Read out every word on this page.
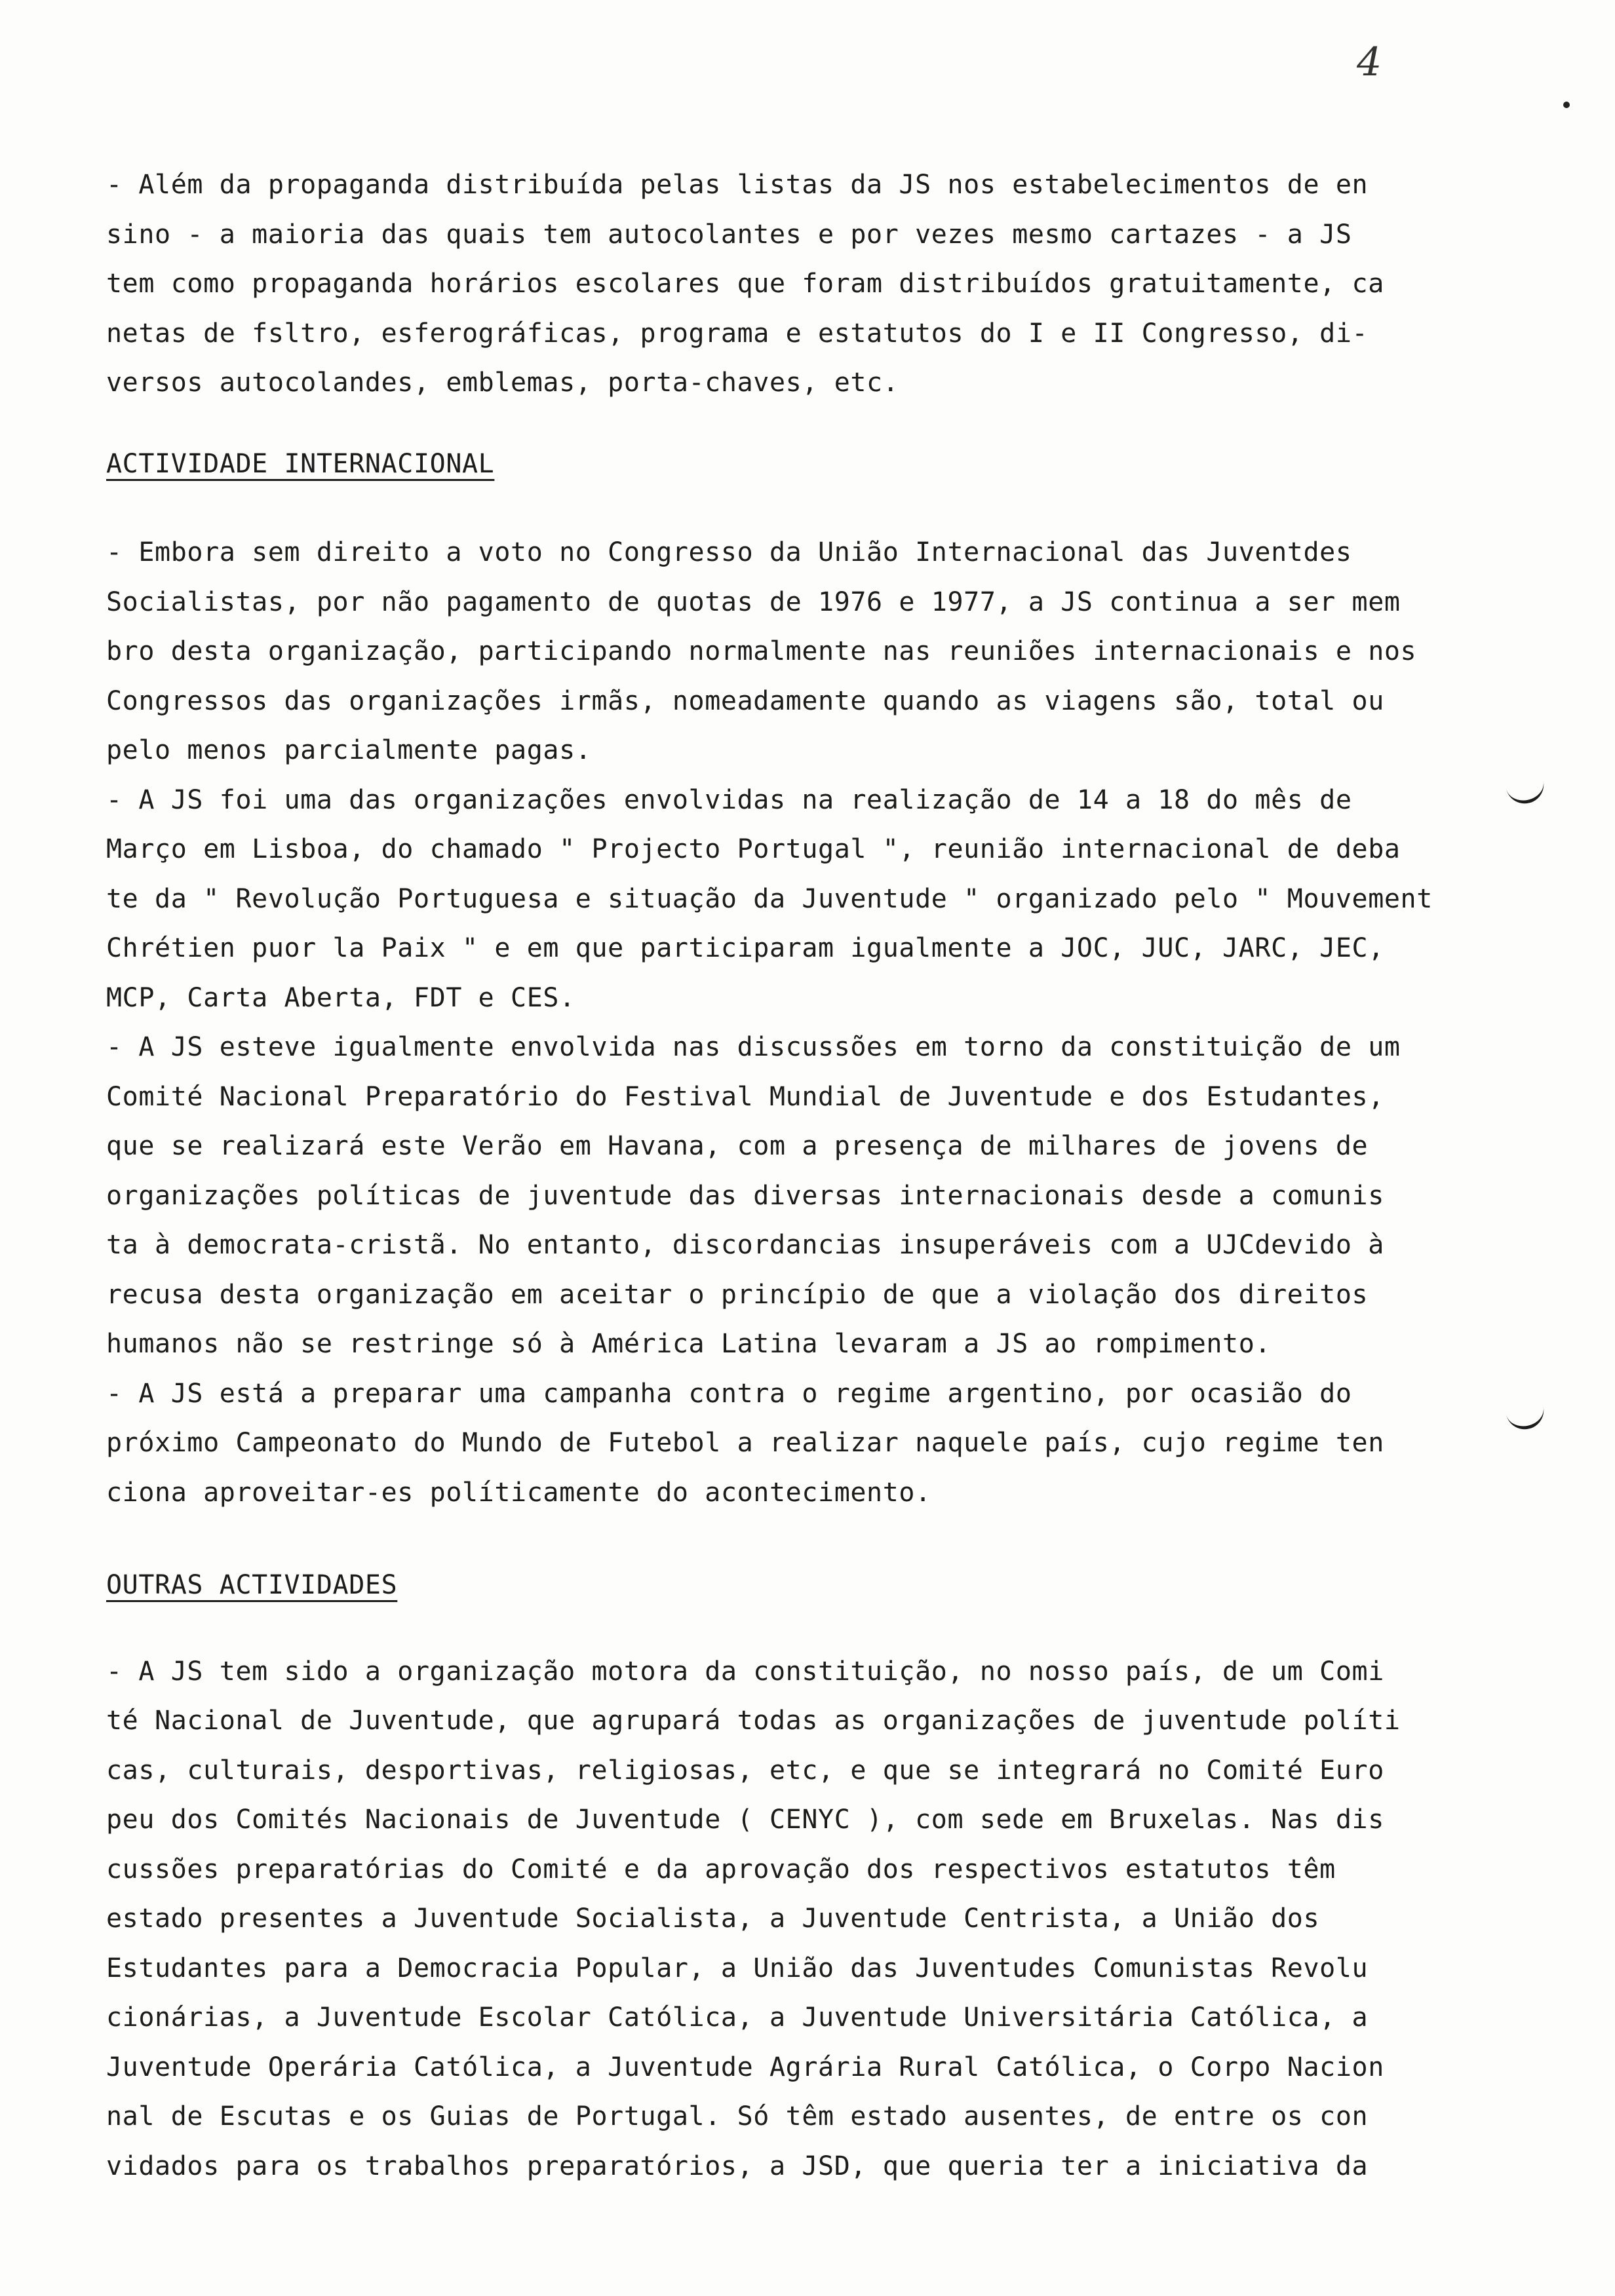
4
- Além da propaganda distribuída pelas listas da JS nos estabelecimentos de en
sino - a maioria das quais tem autocolantes e por vezes mesmo cartazes - a JS
tem como propaganda horários escolares que foram distribuídos gratuitamente, ca
netas de fsltro, esferográficas, programa e estatutos do I e II Congresso, di-
versos autocolandes, emblemas, porta-chaves, etc.
ACTIVIDADE INTERNACIONAL
- Embora sem direito a voto no Congresso da União Internacional das Juventdes
Socialistas, por não pagamento de quotas de 1976 e 1977, a JS continua a ser mem
bro desta organização, participando normalmente nas reuniões internacionais e nos
Congressos das organizações irmãs, nomeadamente quando as viagens são, total ou
pelo menos parcialmente pagas.
- A JS foi uma das organizações envolvidas na realização de 14 a 18 do mês de
Março em Lisboa, do chamado " Projecto Portugal ", reunião internacional de deba
te da " Revolução Portuguesa e situação da Juventude " organizado pelo " Mouvement
Chrétien puor la Paix " e em que participaram igualmente a JOC, JUC, JARC, JEC,
MCP, Carta Aberta, FDT e CES.
- A JS esteve igualmente envolvida nas discussões em torno da constituição de um
Comité Nacional Preparatório do Festival Mundial de Juventude e dos Estudantes,
que se realizará este Verão em Havana, com a presença de milhares de jovens de
organizações políticas de juventude das diversas internacionais desde a comunis
ta à democrata-cristã. No entanto, discordancias insuperáveis com a UJCdevido à
recusa desta organização em aceitar o princípio de que a violação dos direitos
humanos não se restringe só à América Latina levaram a JS ao rompimento.
- A JS está a preparar uma campanha contra o regime argentino, por ocasião do
próximo Campeonato do Mundo de Futebol a realizar naquele país, cujo regime ten
ciona aproveitar-es políticamente do acontecimento.
OUTRAS ACTIVIDADES
- A JS tem sido a organização motora da constituição, no nosso país, de um Comi
té Nacional de Juventude, que agrupará todas as organizações de juventude políti
cas, culturais, desportivas, religiosas, etc, e que se integrará no Comité Euro
peu dos Comités Nacionais de Juventude ( CENYC ), com sede em Bruxelas. Nas dis
cussões preparatórias do Comité e da aprovação dos respectivos estatutos têm
estado presentes a Juventude Socialista, a Juventude Centrista, a União dos
Estudantes para a Democracia Popular, a União das Juventudes Comunistas Revolu
cionárias, a Juventude Escolar Católica, a Juventude Universitária Católica, a
Juventude Operária Católica, a Juventude Agrária Rural Católica, o Corpo Nacion
nal de Escutas e os Guias de Portugal. Só têm estado ausentes, de entre os con
vidados para os trabalhos preparatórios, a JSD, que queria ter a iniciativa da
